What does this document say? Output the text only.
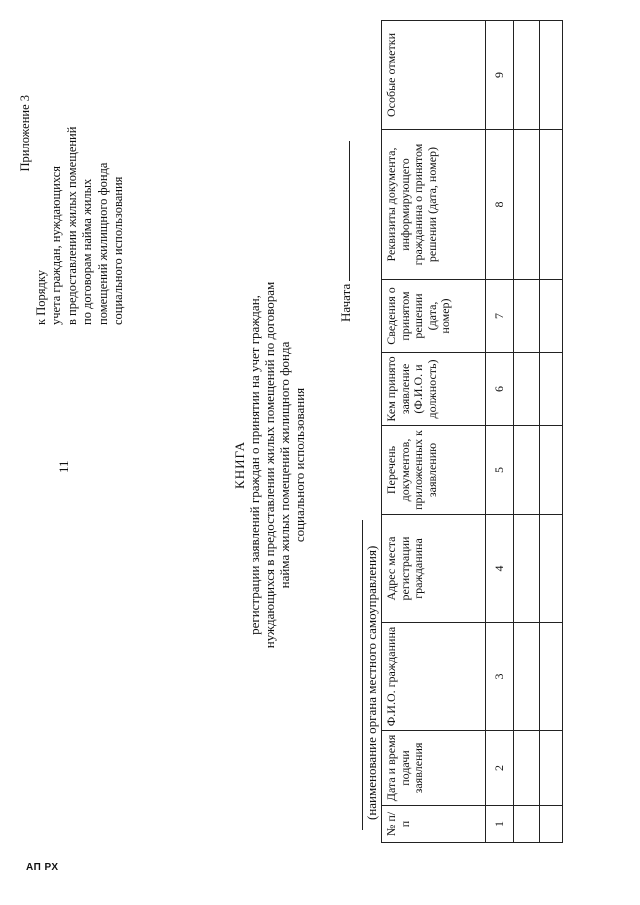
11
Приложение 3
к Порядку учета граждан, нуждающихся в предоставлении жилых помещений по договорам найма жилых помещений жилищного фонда социального использования
КНИГА регистрации заявлений граждан о принятии на учет граждан, нуждающихся в предоставлении жилых помещений по договорам найма жилых помещений жилищного фонда социального использования
Начата
(наименование органа местного самоуправления)
№ п/п	Дата и время подачи заявления	Ф.И.О. гражданина	Адрес места регистрации гражданина	Перечень документов, приложенных к заявлению	Кем принято заявление (Ф.И.О. и должность)	Сведения о принятом решении (дата, номер)	Реквизиты документа, информирующего гражданина о принятом решении (дата, номер)	Особые отметки
1	2	3	4	5	6	7	8	9

АП РХ
